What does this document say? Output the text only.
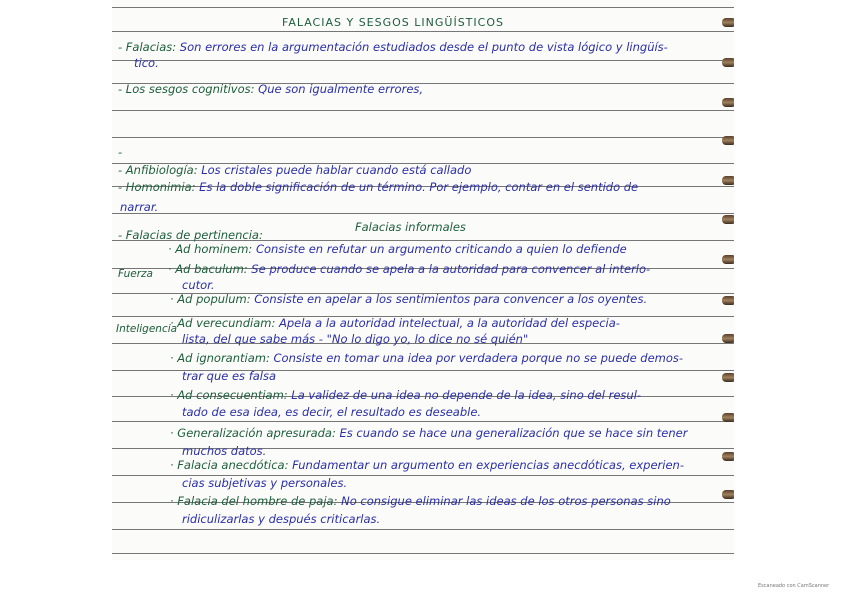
FALACIAS Y SESGOS LINGÜÍSTICOS
Falacias informales
Fuerza
Inteligencia
- Falacias: Son errores en la argumentación estudiados desde el punto de vista lógico y lingüís-
tico.
- Los sesgos cognitivos: Que son igualmente errores,
-
- Anfibiología: Los cristales puede hablar cuando está callado
- Homonimia: Es la doble significación de un término. Por ejemplo, contar en el sentido de
narrar.
- Falacias de pertinencia:
· Ad hominem: Consiste en refutar un argumento criticando a quien lo defiende
· Ad baculum: Se produce cuando se apela a la autoridad para convencer al interlo-
cutor.
· Ad populum: Consiste en apelar a los sentimientos para convencer a los oyentes.
· Ad verecundiam: Apela a la autoridad intelectual, a la autoridad del especia-
lista, del que sabe más - "No lo digo yo, lo dice no sé quién"
· Ad ignorantiam: Consiste en tomar una idea por verdadera porque no se puede demos-
trar que es falsa
· Ad consecuentiam: La validez de una idea no depende de la idea, sino del resul-
tado de esa idea, es decir, el resultado es deseable.
· Generalización apresurada: Es cuando se hace una generalización que se hace sin tener
muchos datos.
· Falacia anecdótica: Fundamentar un argumento en experiencias anecdóticas, experien-
cias subjetivas y personales.
· Falacia del hombre de paja: No consigue eliminar las ideas de los otros personas sino
ridiculizarlas y después criticarlas.
Escaneado con CamScanner
